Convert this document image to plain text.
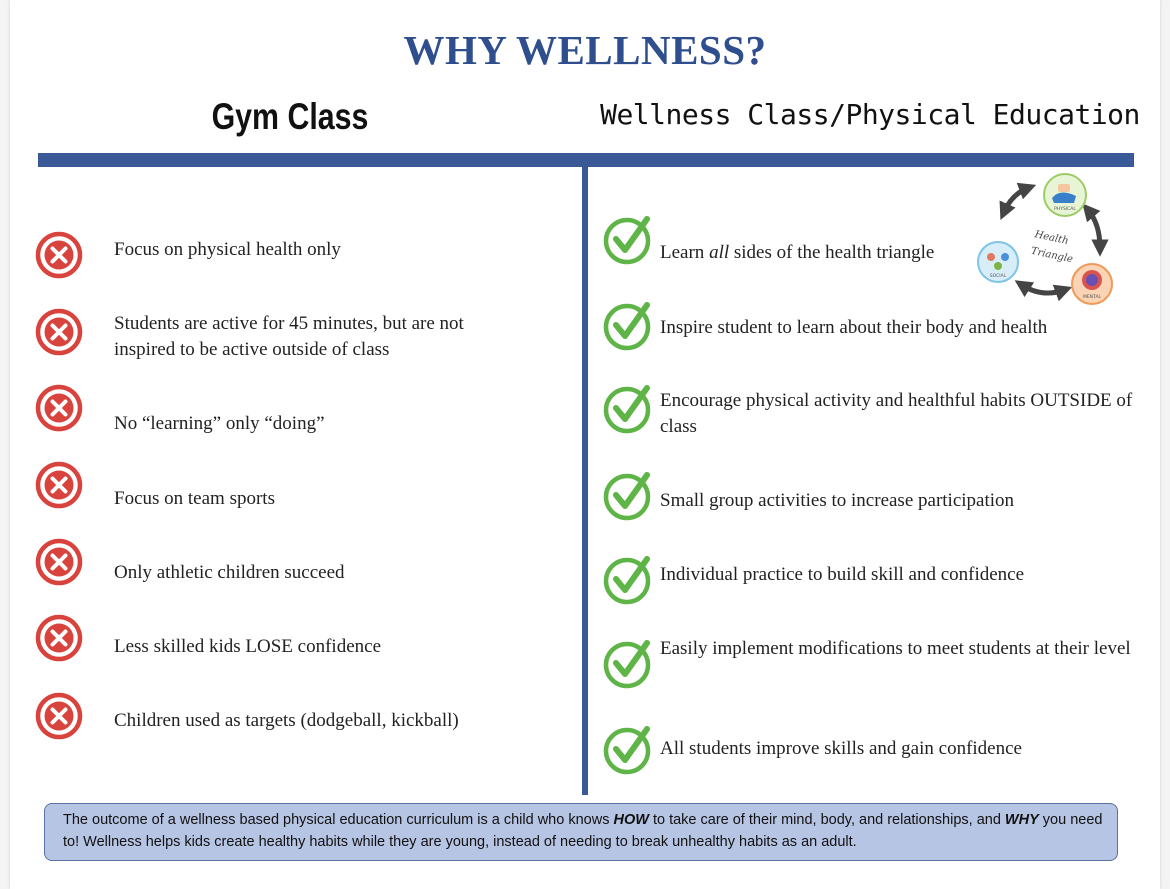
WHY WELLNESS?
Gym Class	Wellness Class/Physical Education
Focus on physical health only
Students are active for 45 minutes, but are not inspired to be active outside of class
No “learning” only “doing”
Focus on team sports
Only athletic children succeed
Less skilled kids LOSE confidence
Children used as targets (dodgeball, kickball)
Learn all sides of the health triangle
Inspire student to learn about their body and health
Encourage physical activity and healthful habits OUTSIDE of class
Small group activities to increase participation
Individual practice to build skill and confidence
Easily implement modifications to meet students at their level
All students improve skills and gain confidence
PHYSICAL
SOCIAL
MENTAL
Health
Triangle
The outcome of a wellness based physical education curriculum is a child who knows HOW to take care of their mind, body, and relationships, and WHY you need to! Wellness helps kids create healthy habits while they are young, instead of needing to break unhealthy habits as an adult.
